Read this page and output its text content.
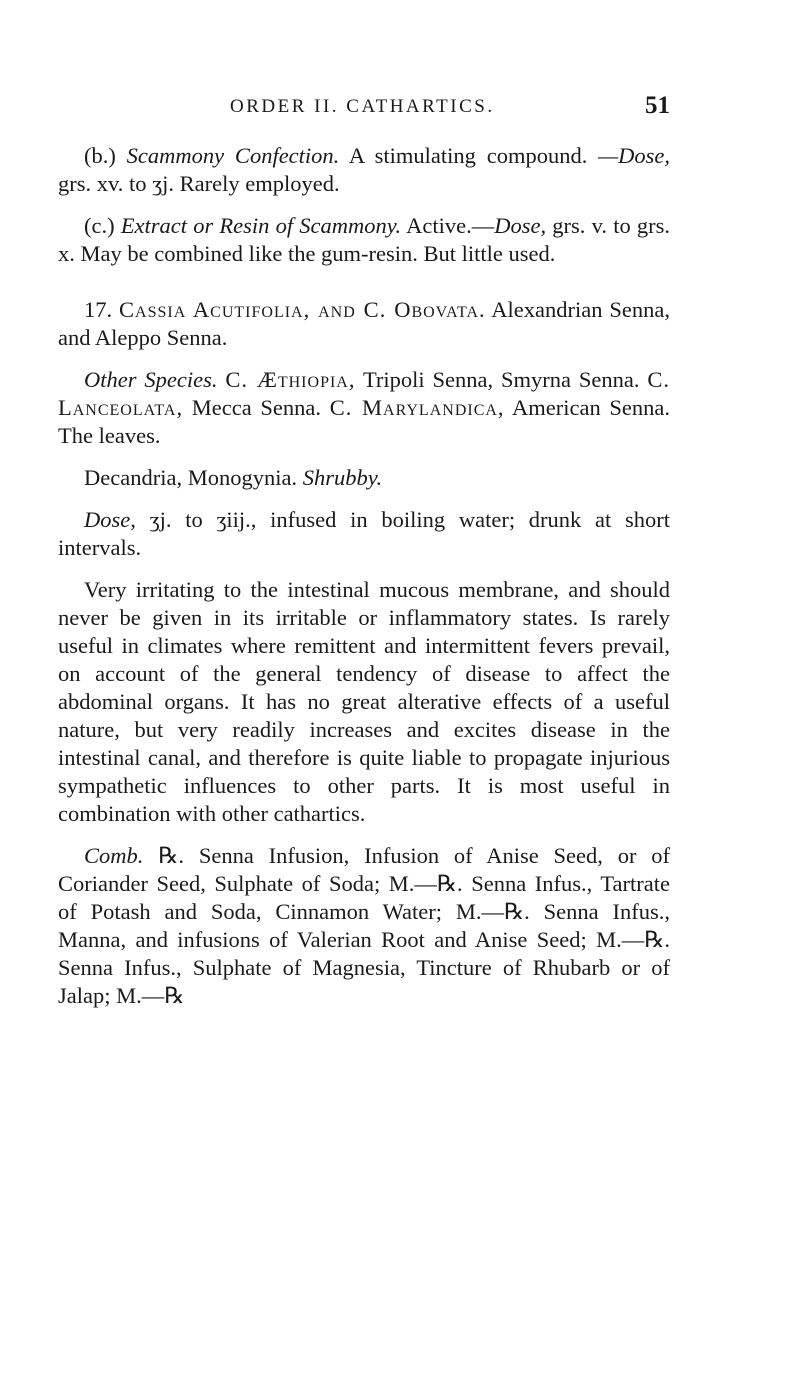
ORDER II. CATHARTICS.	51

(b.) Scammony Confection. A stimulating compound. —Dose, grs. xv. to ʒj. Rarely employed.

(c.) Extract or Resin of Scammony. Active.—Dose, grs. v. to grs. x. May be combined like the gum-resin. But little used.

17. Cassia Acutifolia, and C. Obovata. Alexandrian Senna, and Aleppo Senna.

Other Species. C. Æthiopia, Tripoli Senna, Smyrna Senna. C. Lanceolata, Mecca Senna. C. Marylandica, American Senna. The leaves.

Decandria, Monogynia. Shrubby.

Dose, ʒj. to ʒiij., infused in boiling water; drunk at short intervals.

Very irritating to the intestinal mucous membrane, and should never be given in its irritable or inflammatory states. Is rarely useful in climates where remittent and intermittent fevers prevail, on account of the general tendency of disease to affect the abdominal organs. It has no great alterative effects of a useful nature, but very readily increases and excites disease in the intestinal canal, and therefore is quite liable to propagate injurious sympathetic influences to other parts. It is most useful in combination with other cathartics.

Comb. ℞. Senna Infusion, Infusion of Anise Seed, or of Coriander Seed, Sulphate of Soda; M.—℞. Senna Infus., Tartrate of Potash and Soda, Cinnamon Water; M.—℞. Senna Infus., Manna, and infusions of Valerian Root and Anise Seed; M.—℞. Senna Infus., Sulphate of Magnesia, Tincture of Rhubarb or of Jalap; M.—℞
